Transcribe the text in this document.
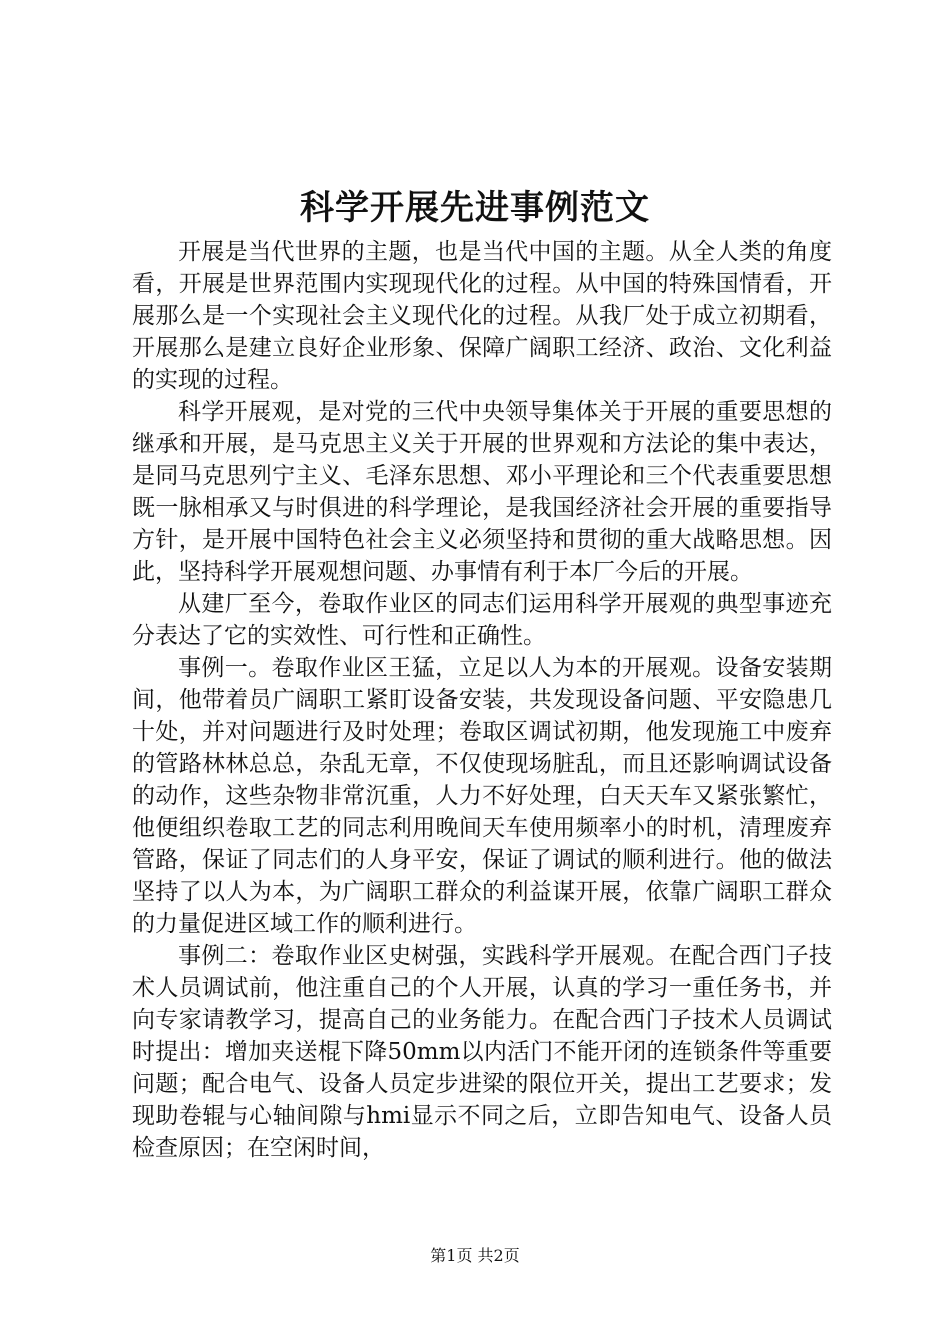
科学开展先进事例范文

开展是当代世界的主题，也是当代中国的主题。从全人类的角度看，开展是世界范围内实现现代化的过程。从中国的特殊国情看，开展那么是一个实现社会主义现代化的过程。从我厂处于成立初期看，开展那么是建立良好企业形象、保障广阔职工经济、政治、文化利益的实现的过程。

科学开展观，是对党的三代中央领导集体关于开展的重要思想的继承和开展，是马克思主义关于开展的世界观和方法论的集中表达，是同马克思列宁主义、毛泽东思想、邓小平理论和三个代表重要思想既一脉相承又与时俱进的科学理论，是我国经济社会开展的重要指导方针，是开展中国特色社会主义必须坚持和贯彻的重大战略思想。因此，坚持科学开展观想问题、办事情有利于本厂今后的开展。

从建厂至今，卷取作业区的同志们运用科学开展观的典型事迹充分表达了它的实效性、可行性和正确性。

事例一。卷取作业区王猛，立足以人为本的开展观。设备安装期间，他带着员广阔职工紧盯设备安装，共发现设备问题、平安隐患几十处，并对问题进行及时处理；卷取区调试初期，他发现施工中废弃的管路林林总总，杂乱无章，不仅使现场脏乱，而且还影响调试设备的动作，这些杂物非常沉重，人力不好处理，白天天车又紧张繁忙，他便组织卷取工艺的同志利用晚间天车使用频率小的时机，清理废弃管路，保证了同志们的人身平安，保证了调试的顺利进行。他的做法坚持了以人为本，为广阔职工群众的利益谋开展，依靠广阔职工群众的力量促进区域工作的顺利进行。

事例二：卷取作业区史树强，实践科学开展观。在配合西门子技术人员调试前，他注重自己的个人开展，认真的学习一重任务书，并向专家请教学习，提高自己的业务能力。在配合西门子技术人员调试时提出：增加夹送棍下降50mm以内活门不能开闭的连锁条件等重要问题；配合电气、设备人员定步进梁的限位开关，提出工艺要求；发现助卷辊与心轴间隙与hmi显示不同之后，立即告知电气、设备人员检查原因；在空闲时间，

第1页 共2页
